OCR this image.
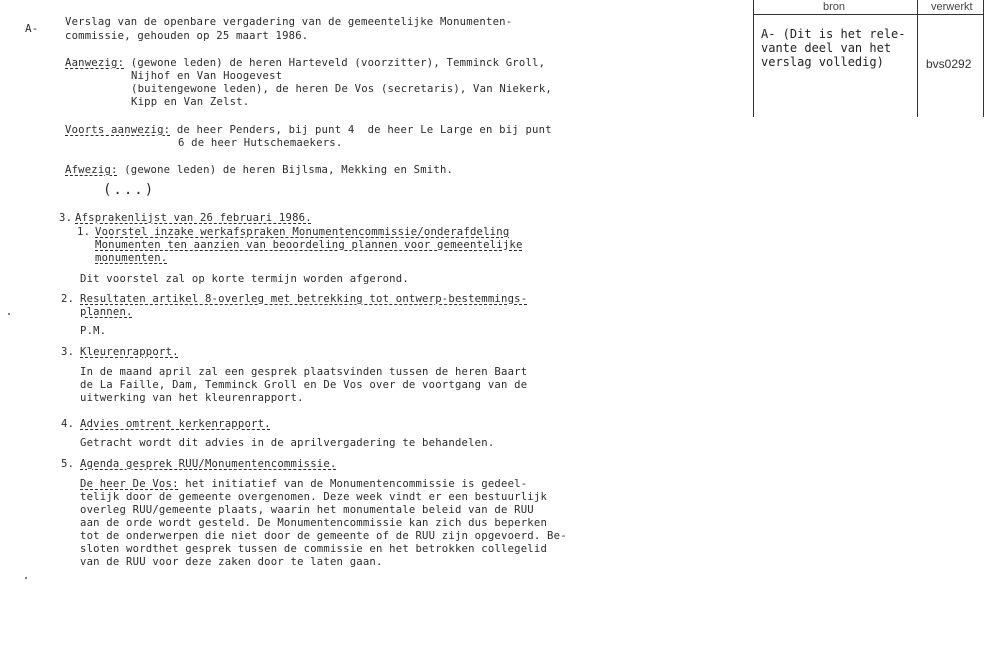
A-	Verslag van de openbare vergadering van de gemeentelijke Monumenten-
commissie, gehouden op 25 maart 1986.
Aanwezig: (gewone leden) de heren Harteveld (voorzitter), Temminck Groll,
Nijhof en Van Hoogevest
(buitengewone leden), de heren De Vos (secretaris), Van Niekerk,
Kipp en Van Zelst.
Voorts aanwezig: de heer Penders, bij punt 4  de heer Le Large en bij punt
6 de heer Hutschemaekers.
Afwezig: (gewone leden) de heren Bijlsma, Mekking en Smith.
(...)
3. Afsprakenlijst van 26 februari 1986.
1. Voorstel inzake werkafspraken Monumentencommissie/onderafdeling
Monumenten ten aanzien van beoordeling plannen voor gemeentelijke
monumenten.
Dit voorstel zal op korte termijn worden afgerond.
2. Resultaten artikel 8-overleg met betrekking tot ontwerp-bestemmings-
plannen.
P.M.
3. Kleurenrapport.
In de maand april zal een gesprek plaatsvinden tussen de heren Baart
de La Faille, Dam, Temminck Groll en De Vos over de voortgang van de
uitwerking van het kleurenrapport.
4. Advies omtrent kerkenrapport.
Getracht wordt dit advies in de aprilvergadering te behandelen.
5. Agenda gesprek RUU/Monumentencommissie.
De heer De Vos: het initiatief van de Monumentencommissie is gedeel-
telijk door de gemeente overgenomen. Deze week vindt er een bestuurlijk
overleg RUU/gemeente plaats, waarin het monumentale beleid van de RUU
aan de orde wordt gesteld. De Monumentencommissie kan zich dus beperken
tot de onderwerpen die niet door de gemeente of de RUU zijn opgevoerd. Be-
sloten wordthet gesprek tussen de commissie en het betrokken collegelid
van de RUU voor deze zaken door te laten gaan.
bron	verwerkt
A- (Dit is het rele-
vante deel van het
verslag volledig)	bvs0292
